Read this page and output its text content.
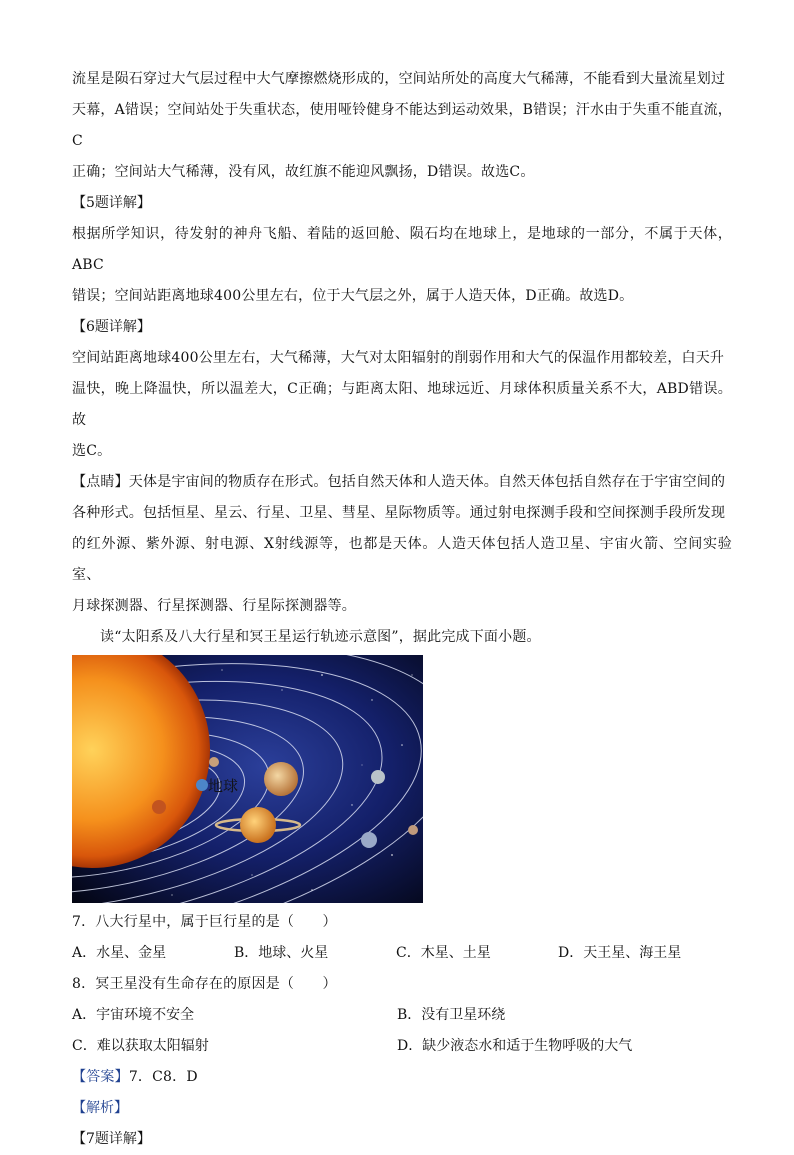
流星是陨石穿过大气层过程中大气摩擦燃烧形成的，空间站所处的高度大气稀薄，不能看到大量流星划过

天幕，A错误；空间站处于失重状态，使用哑铃健身不能达到运动效果，B错误；汗水由于失重不能直流，C

正确；空间站大气稀薄，没有风，故红旗不能迎风飘扬，D错误。故选C。

【5题详解】

根据所学知识，待发射的神舟飞船、着陆的返回舱、陨石均在地球上，是地球的一部分，不属于天体，ABC

错误；空间站距离地球400公里左右，位于大气层之外，属于人造天体，D正确。故选D。

【6题详解】

空间站距离地球400公里左右，大气稀薄，大气对太阳辐射的削弱作用和大气的保温作用都较差，白天升

温快，晚上降温快，所以温差大，C正确；与距离太阳、地球远近、月球体积质量关系不大，ABD错误。故

选C。

【点睛】天体是宇宙间的物质存在形式。包括自然天体和人造天体。自然天体包括自然存在于宇宙空间的

各种形式。包括恒星、星云、行星、卫星、彗星、星际物质等。通过射电探测手段和空间探测手段所发现

的红外源、紫外源、射电源、X射线源等，也都是天体。人造天体包括人造卫星、宇宙火箭、空间实验室、

月球探测器、行星探测器、行星际探测器等。

读“太阳系及八大行星和冥王星运行轨迹示意图”，据此完成下面小题。

地球

7．八大行星中，属于巨行星的是（　　）

A．水星、金星	B．地球、火星	C．木星、土星	D．天王星、海王星

8．冥王星没有生命存在的原因是（　　）

A．宇宙环境不安全	B．没有卫星环绕
C．难以获取太阳辐射	D．缺少液态水和适于生物呼吸的大气

【答案】7．C8．D

【解析】

【7题详解】
